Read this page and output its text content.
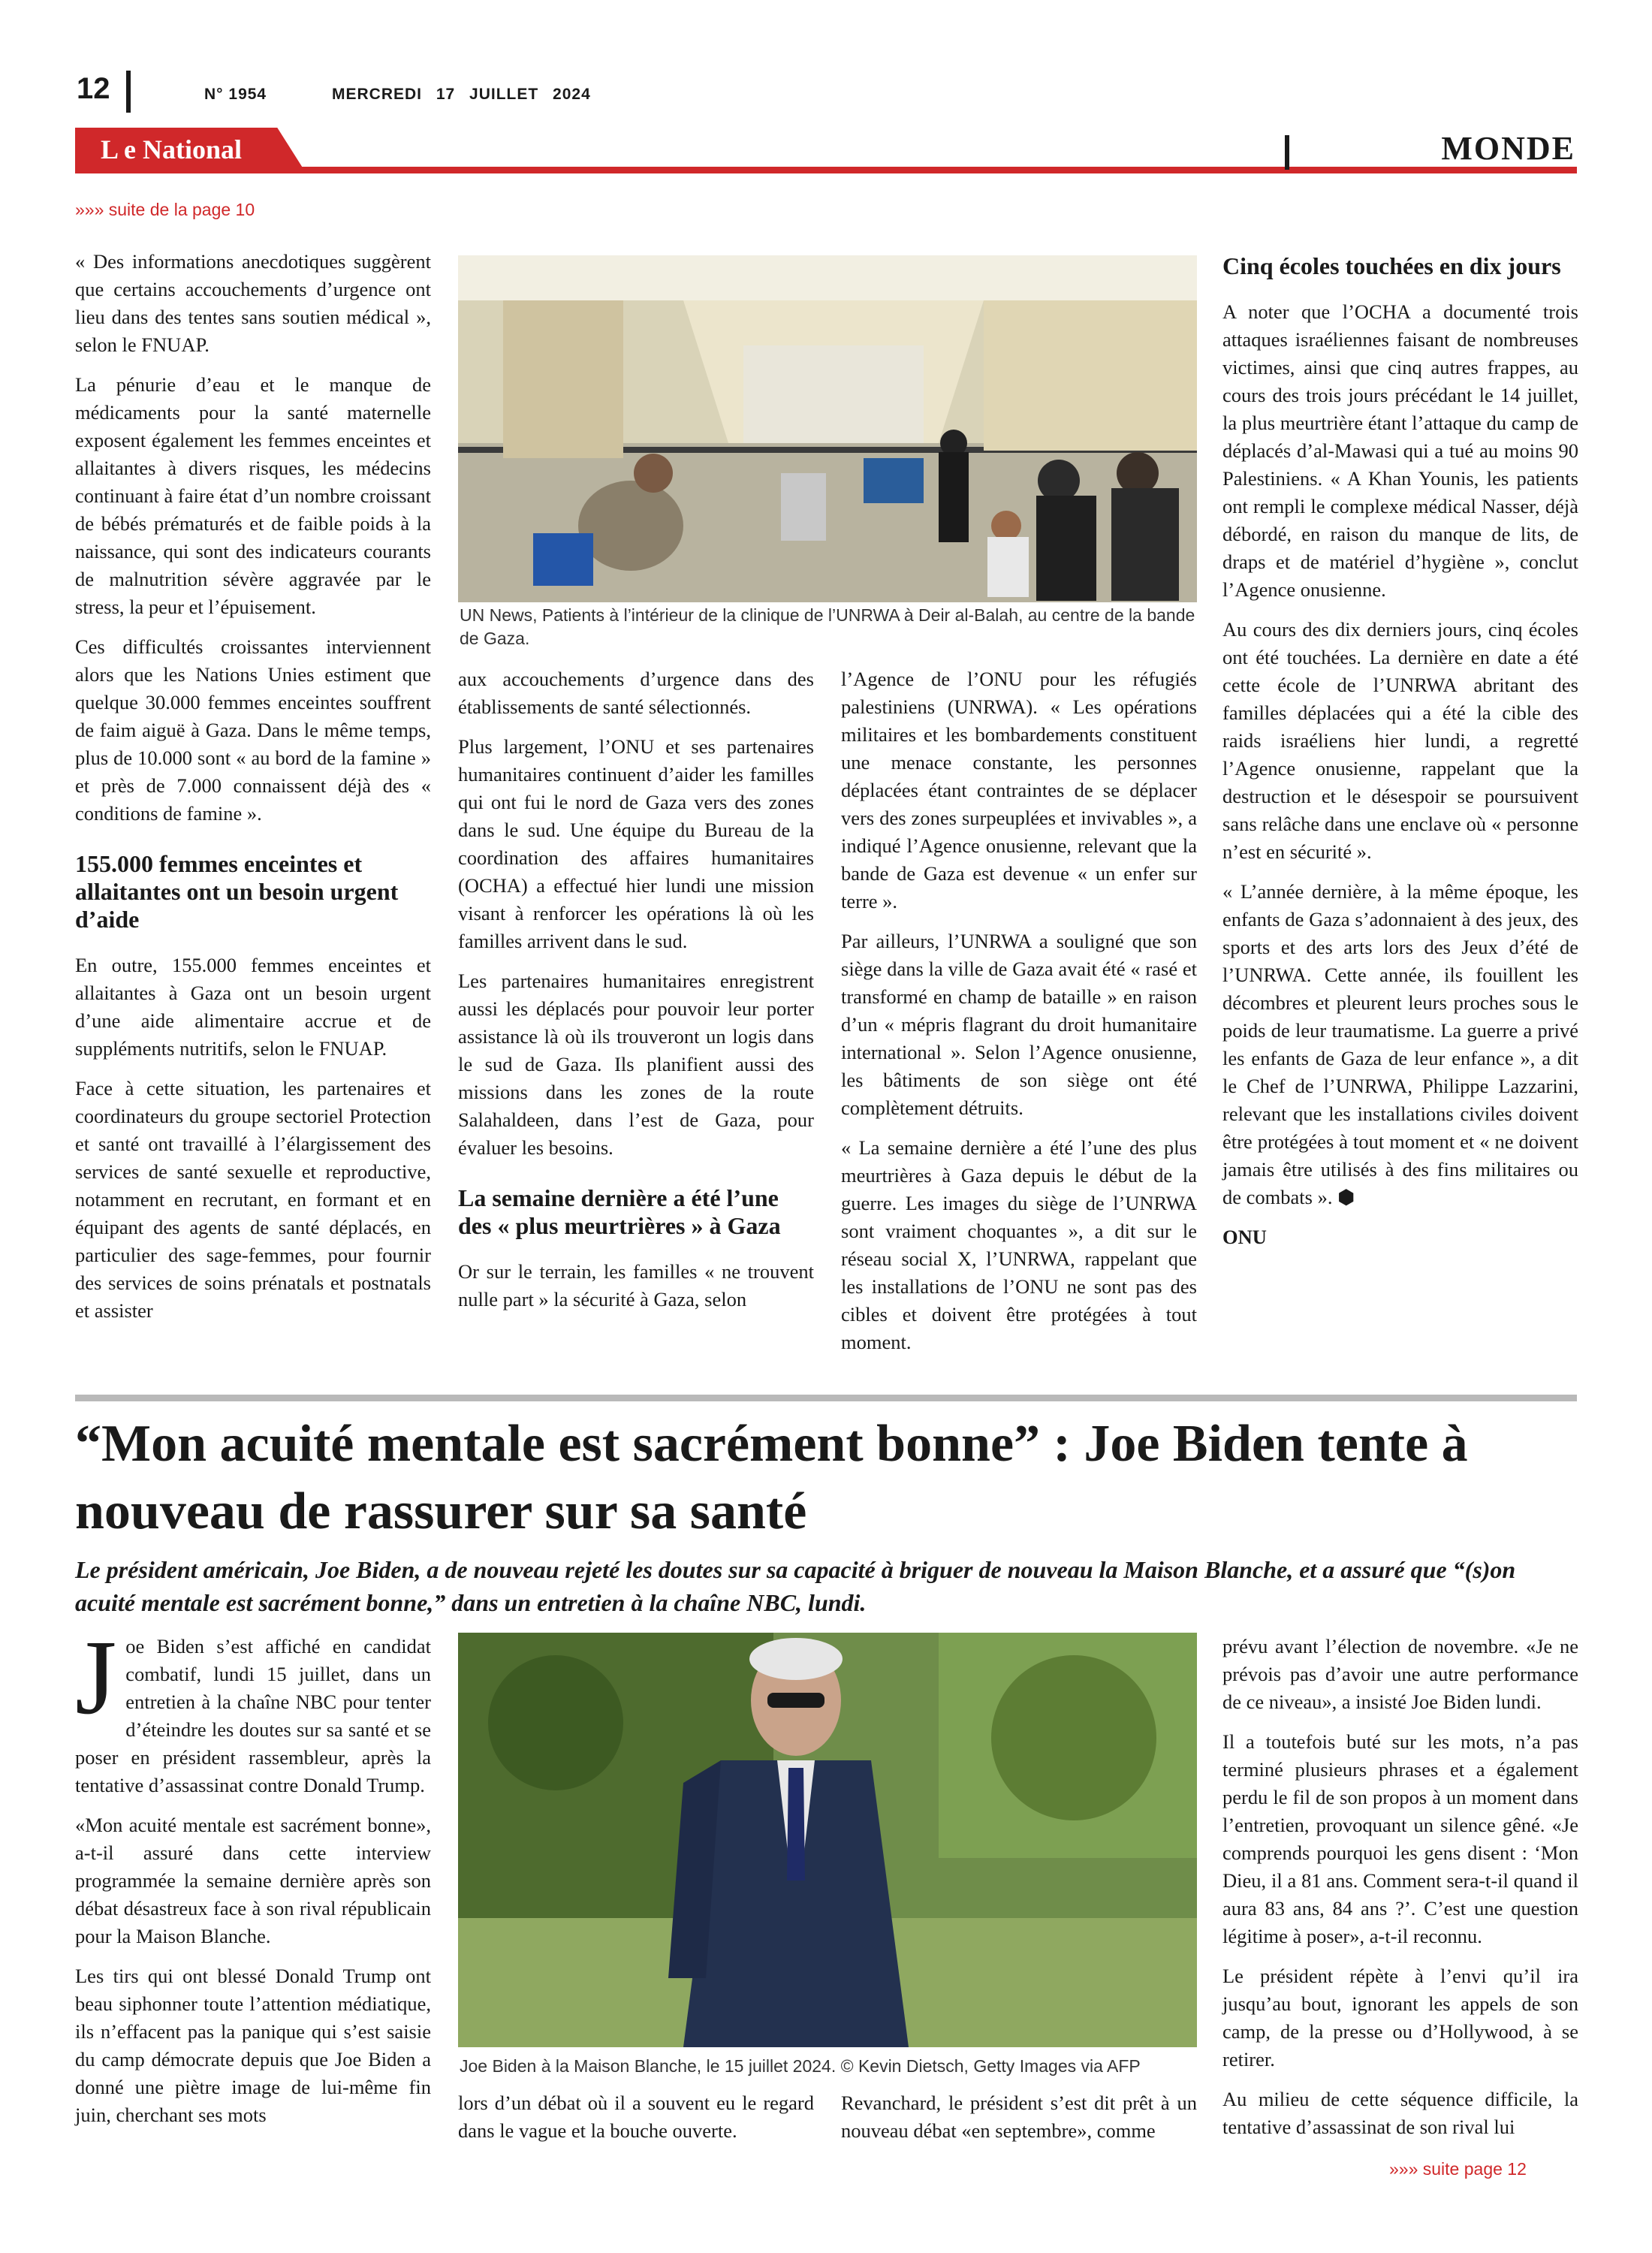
12	N° 1954	MERCREDI 17 JUILLET 2024
L e National	MONDE
»»» suite de la page 10

« Des informations anecdotiques suggèrent que certains accouchements d’urgence ont lieu dans des tentes sans soutien médical », selon le FNUAP.

La pénurie d’eau et le manque de médicaments pour la santé maternelle exposent également les femmes enceintes et allaitantes à divers risques, les médecins continuant à faire état d’un nombre croissant de bébés prématurés et de faible poids à la naissance, qui sont des indicateurs courants de malnutrition sévère aggravée par le stress, la peur et l’épuisement.

Ces difficultés croissantes interviennent alors que les Nations Unies estiment que quelque 30.000 femmes enceintes souffrent de faim aiguë à Gaza. Dans le même temps, plus de 10.000 sont « au bord de la famine » et près de 7.000 connaissent déjà des « conditions de famine ».

155.000 femmes enceintes et allaitantes ont un besoin urgent d’aide

En outre, 155.000 femmes enceintes et allaitantes à Gaza ont un besoin urgent d’une aide alimentaire accrue et de suppléments nutritifs, selon le FNUAP.

Face à cette situation, les partenaires et coordinateurs du groupe sectoriel Protection et santé ont travaillé à l’élargissement des services de santé sexuelle et reproductive, notamment en recrutant, en formant et en équipant des agents de santé déplacés, en particulier des sage-femmes, pour fournir des services de soins prénatals et postnatals et assister

UN News, Patients à l’intérieur de la clinique de l’UNRWA à Deir al-Balah, au centre de la bande de Gaza.

aux accouchements d’urgence dans des établissements de santé sélectionnés.

Plus largement, l’ONU et ses partenaires humanitaires continuent d’aider les familles qui ont fui le nord de Gaza vers des zones dans le sud. Une équipe du Bureau de la coordination des affaires humanitaires (OCHA) a effectué hier lundi une mission visant à renforcer les opérations là où les familles arrivent dans le sud.

Les partenaires humanitaires enregistrent aussi les déplacés pour pouvoir leur porter assistance là où ils trouveront un logis dans le sud de Gaza. Ils planifient aussi des missions dans les zones de la route Salahaldeen, dans l’est de Gaza, pour évaluer les besoins.

La semaine dernière a été l’une des « plus meurtrières » à Gaza

Or sur le terrain, les familles « ne trouvent nulle part » la sécurité à Gaza, selon

l’Agence de l’ONU pour les réfugiés palestiniens (UNRWA). « Les opérations militaires et les bombardements constituent une menace constante, les personnes déplacées étant contraintes de se déplacer vers des zones surpeuplées et invivables », a indiqué l’Agence onusienne, relevant que la bande de Gaza est devenue « un enfer sur terre ».

Par ailleurs, l’UNRWA a souligné que son siège dans la ville de Gaza avait été « rasé et transformé en champ de bataille » en raison d’un « mépris flagrant du droit humanitaire international ». Selon l’Agence onusienne, les bâtiments de son siège ont été complètement détruits.

« La semaine dernière a été l’une des plus meurtrières à Gaza depuis le début de la guerre. Les images du siège de l’UNRWA sont vraiment choquantes », a dit sur le réseau social X, l’UNRWA, rappelant que les installations de l’ONU ne sont pas des cibles et doivent être protégées à tout moment.

Cinq écoles touchées en dix jours

A noter que l’OCHA a documenté trois attaques israéliennes faisant de nombreuses victimes, ainsi que cinq autres frappes, au cours des trois jours précédant le 14 juillet, la plus meurtrière étant l’attaque du camp de déplacés d’al-Mawasi qui a tué au moins 90 Palestiniens. « A Khan Younis, les patients ont rempli le complexe médical Nasser, déjà débordé, en raison du manque de lits, de draps et de matériel d’hygiène », conclut l’Agence onusienne.

Au cours des dix derniers jours, cinq écoles ont été touchées. La dernière en date a été cette école de l’UNRWA abritant des familles déplacées qui a été la cible des raids israéliens hier lundi, a regretté l’Agence onusienne, rappelant que la destruction et le désespoir se poursuivent sans relâche dans une enclave où « personne n’est en sécurité ».

« L’année dernière, à la même époque, les enfants de Gaza s’adonnaient à des jeux, des sports et des arts lors des Jeux d’été de l’UNRWA. Cette année, ils fouillent les décombres et pleurent leurs proches sous le poids de leur traumatisme. La guerre a privé les enfants de Gaza de leur enfance », a dit le Chef de l’UNRWA, Philippe Lazzarini, relevant que les installations civiles doivent être protégées à tout moment et « ne doivent jamais être utilisés à des fins militaires ou de combats ». ⬢

ONU

“Mon acuité mentale est sacrément bonne” : Joe Biden tente à nouveau de rassurer sur sa santé
Le président américain, Joe Biden, a de nouveau rejeté les doutes sur sa capacité à briguer de nouveau la Maison Blanche, et a assuré que “(s)on acuité mentale est sacrément bonne,” dans un entretien à la chaîne NBC, lundi.

Joe Biden s’est affiché en candidat combatif, lundi 15 juillet, dans un entretien à la chaîne NBC pour tenter d’éteindre les doutes sur sa santé et se poser en président rassembleur, après la tentative d’assassinat contre Donald Trump.

«Mon acuité mentale est sacrément bonne», a-t-il assuré dans cette interview programmée la semaine dernière après son débat désastreux face à son rival républicain pour la Maison Blanche.

Les tirs qui ont blessé Donald Trump ont beau siphonner toute l’attention médiatique, ils n’effacent pas la panique qui s’est saisie du camp démocrate depuis que Joe Biden a donné une piètre image de lui-même fin juin, cherchant ses mots

Joe Biden à la Maison Blanche, le 15 juillet 2024. © Kevin Dietsch, Getty Images via AFP

lors d’un débat où il a souvent eu le regard dans le vague et la bouche ouverte.

Revanchard, le président s’est dit prêt à un nouveau débat «en septembre», comme

prévu avant l’élection de novembre. «Je ne prévois pas d’avoir une autre performance de ce niveau», a insisté Joe Biden lundi.

Il a toutefois buté sur les mots, n’a pas terminé plusieurs phrases et a également perdu le fil de son propos à un moment dans l’entretien, provoquant un silence gêné. «Je comprends pourquoi les gens disent : ‘Mon Dieu, il a 81 ans. Comment sera-t-il quand il aura 83 ans, 84 ans ?’. C’est une question légitime à poser», a-t-il reconnu.

Le président répète à l’envi qu’il ira jusqu’au bout, ignorant les appels de son camp, de la presse ou d’Hollywood, à se retirer.

Au milieu de cette séquence difficile, la tentative d’assassinat de son rival lui

»»» suite page 12
